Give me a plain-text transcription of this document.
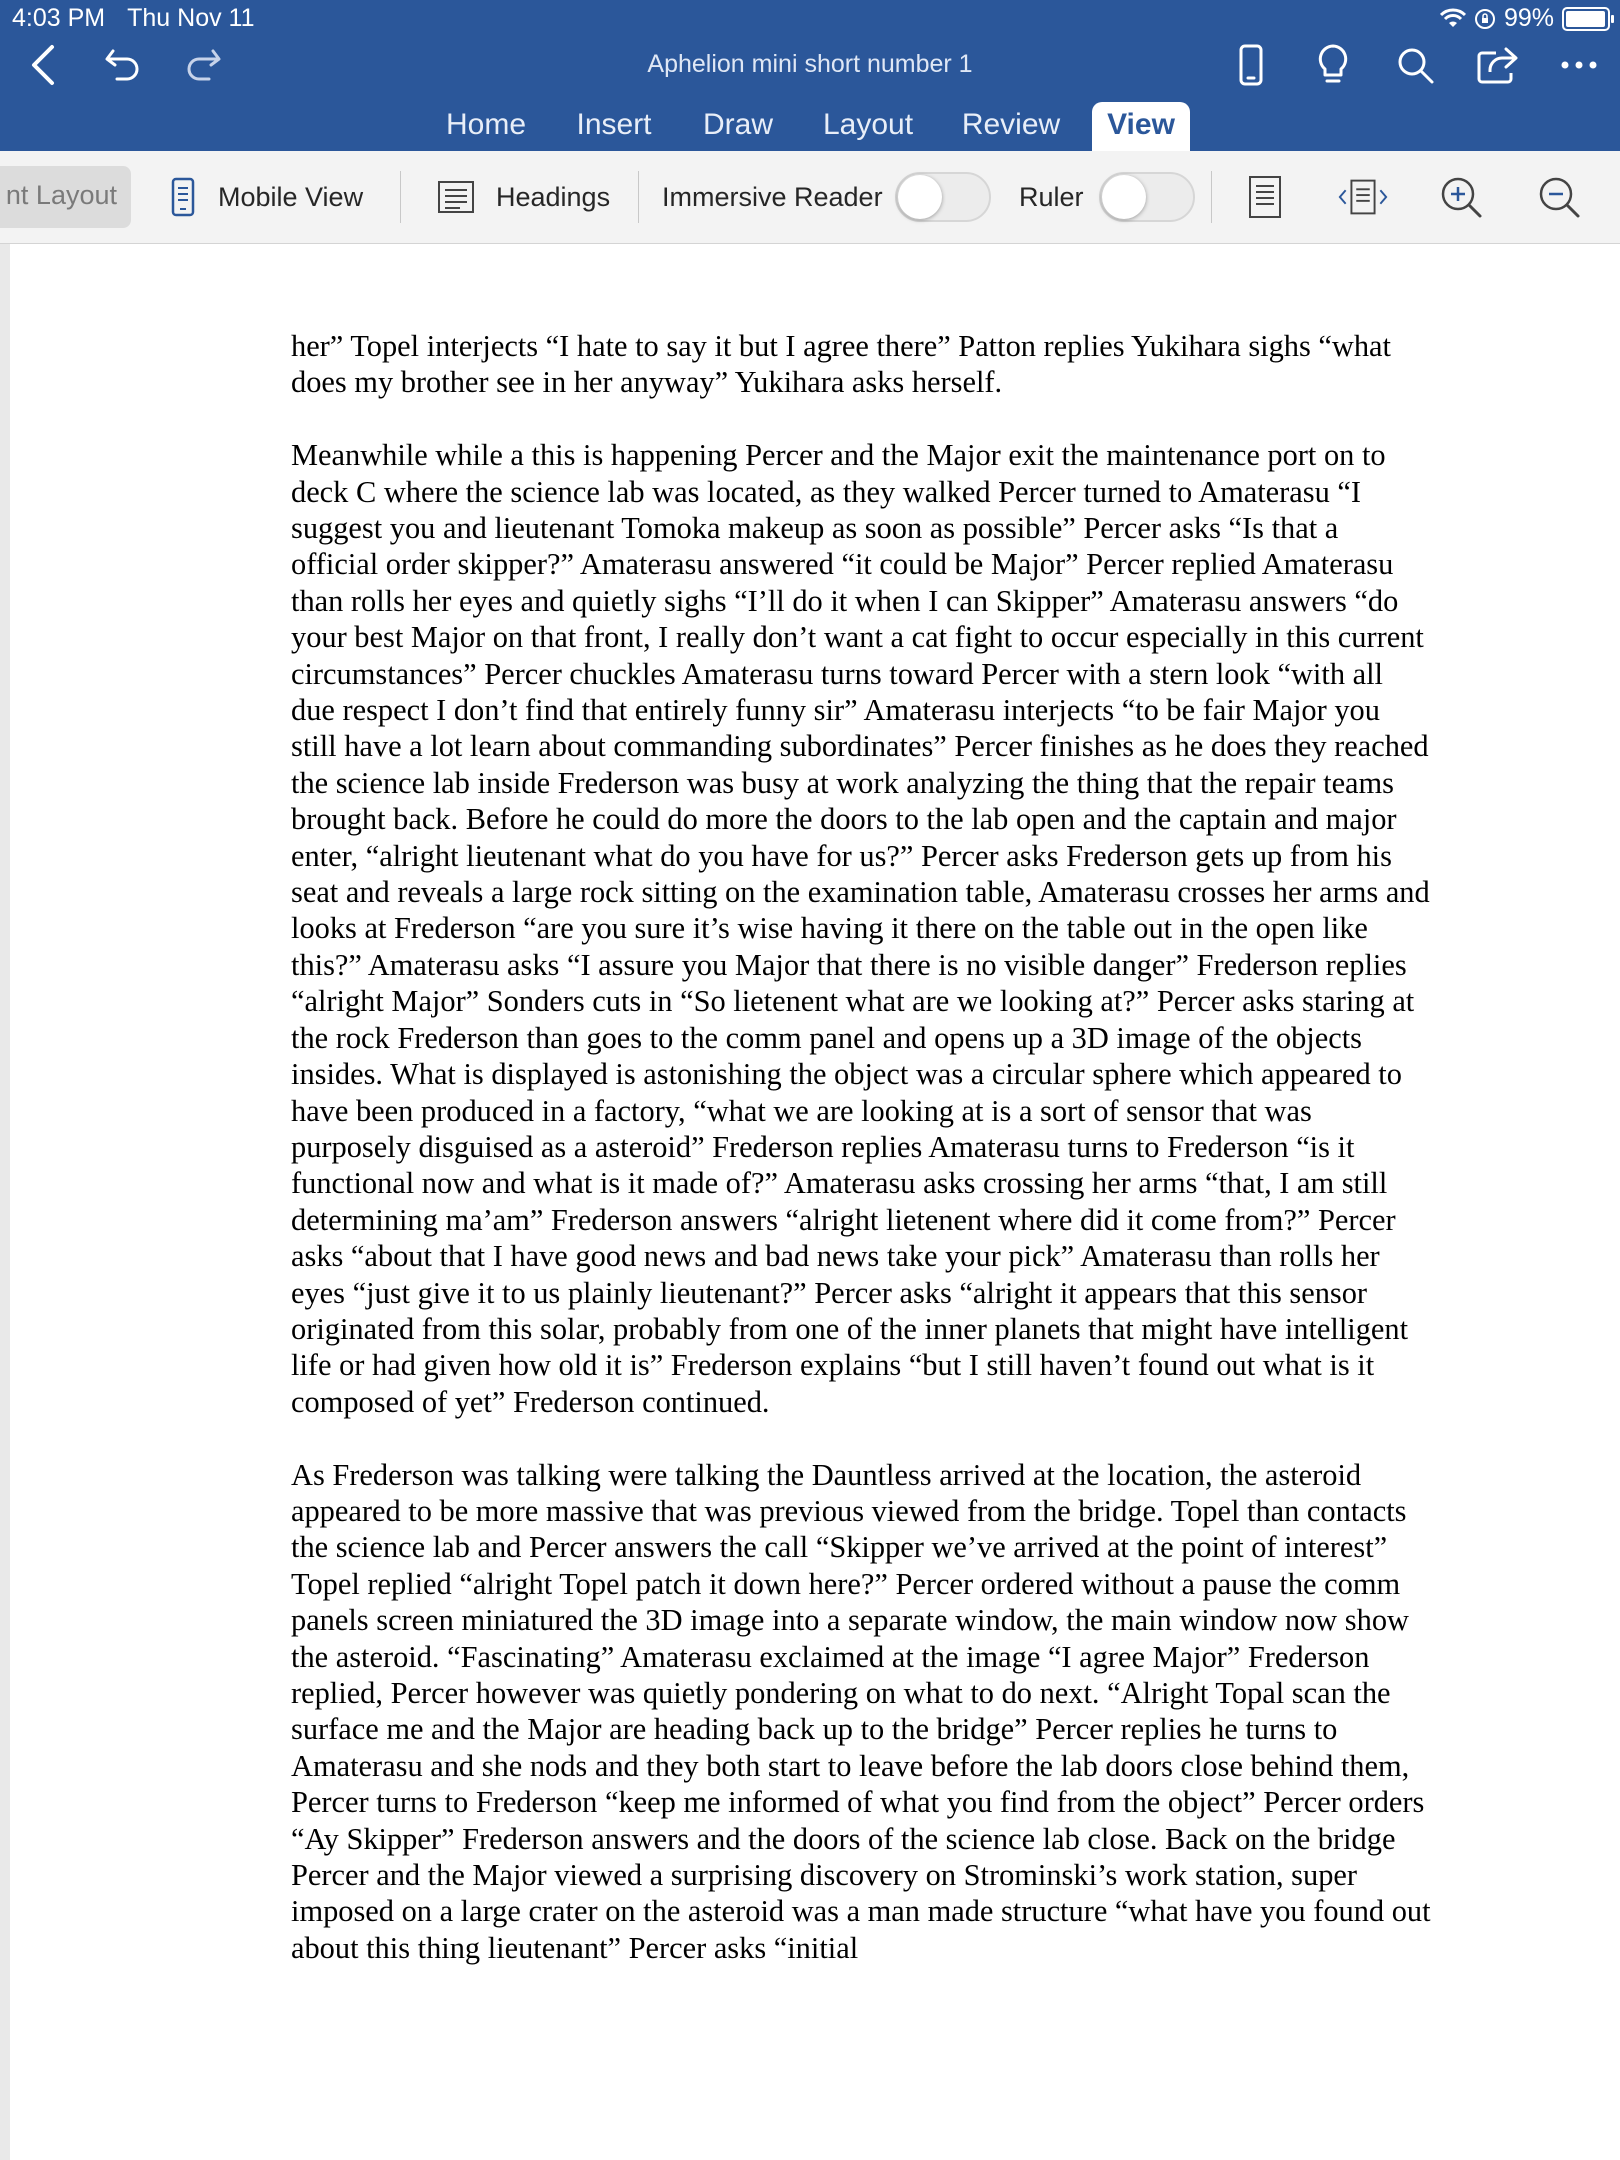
4:03 PM Thu Nov 11	99%
Aphelion mini short number 1
Home	Insert	Draw	Layout	Review	View
nt Layout	Mobile View	Headings Immersive Reader	Ruler

her” Topel interjects “I hate to say it but I agree there” Patton replies Yukihara sighs “what does my brother see in her anyway” Yukihara asks herself.

Meanwhile while a this is happening Percer and the Major exit the maintenance port on to deck C where the science lab was located, as they walked Percer turned to Amaterasu “I suggest you and lieutenant Tomoka makeup as soon as possible” Percer asks “Is that a official order skipper?” Amaterasu answered “it could be Major” Percer replied Amaterasu than rolls her eyes and quietly sighs “I’ll do it when I can Skipper” Amaterasu answers “do your best Major on that front, I really don’t want a cat fight to occur especially in this current circumstances” Percer chuckles Amaterasu turns toward Percer with a stern look “with all due respect I don’t find that entirely funny sir” Amaterasu interjects “to be fair Major you still have a lot learn about commanding subordinates” Percer finishes as he does they reached the science lab inside Frederson was busy at work analyzing the thing that the repair teams brought back. Before he could do more the doors to the lab open and the captain and major enter, “alright lieutenant what do you have for us?” Percer asks Frederson gets up from his seat and reveals a large rock sitting on the examination table, Amaterasu crosses her arms and looks at Frederson “are you sure it’s wise having it there on the table out in the open like this?” Amaterasu asks “I assure you Major that there is no visible danger” Frederson replies “alright Major” Sonders cuts in “So lietenent what are we looking at?” Percer asks staring at the rock Frederson than goes to the comm panel and opens up a 3D image of the objects insides. What is displayed is astonishing the object was a circular sphere which appeared to have been produced in a factory, “what we are looking at is a sort of sensor that was purposely disguised as a asteroid” Frederson replies Amaterasu turns to Frederson “is it functional now and what is it made of?” Amaterasu asks crossing her arms “that, I am still determining ma’am” Frederson answers “alright lietenent where did it come from?” Percer asks “about that I have good news and bad news take your pick” Amaterasu than rolls her eyes “just give it to us plainly lieutenant?” Percer asks “alright it appears that this sensor originated from this solar, probably from one of the inner planets that might have intelligent life or had given how old it is” Frederson explains “but I still haven’t found out what is it composed of yet” Frederson continued.

As Frederson was talking were talking the Dauntless arrived at the location, the asteroid appeared to be more massive that was previous viewed from the bridge. Topel than contacts the science lab and Percer answers the call “Skipper we’ve arrived at the point of interest” Topel replied “alright Topel patch it down here?” Percer ordered without a pause the comm panels screen miniatured the 3D image into a separate window, the main window now show the asteroid. “Fascinating” Amaterasu exclaimed at the image “I agree Major” Frederson replied, Percer however was quietly pondering on what to do next. “Alright Topal scan the surface me and the Major are heading back up to the bridge” Percer replies he turns to Amaterasu and she nods and they both start to leave before the lab doors close behind them, Percer turns to Frederson “keep me informed of what you find from the object” Percer orders “Ay Skipper” Frederson answers and the doors of the science lab close. Back on the bridge Percer and the Major viewed a surprising discovery on Strominski’s work station, super imposed on a large crater on the asteroid was a man made structure “what have you found out about this thing lieutenant” Percer asks “initial
